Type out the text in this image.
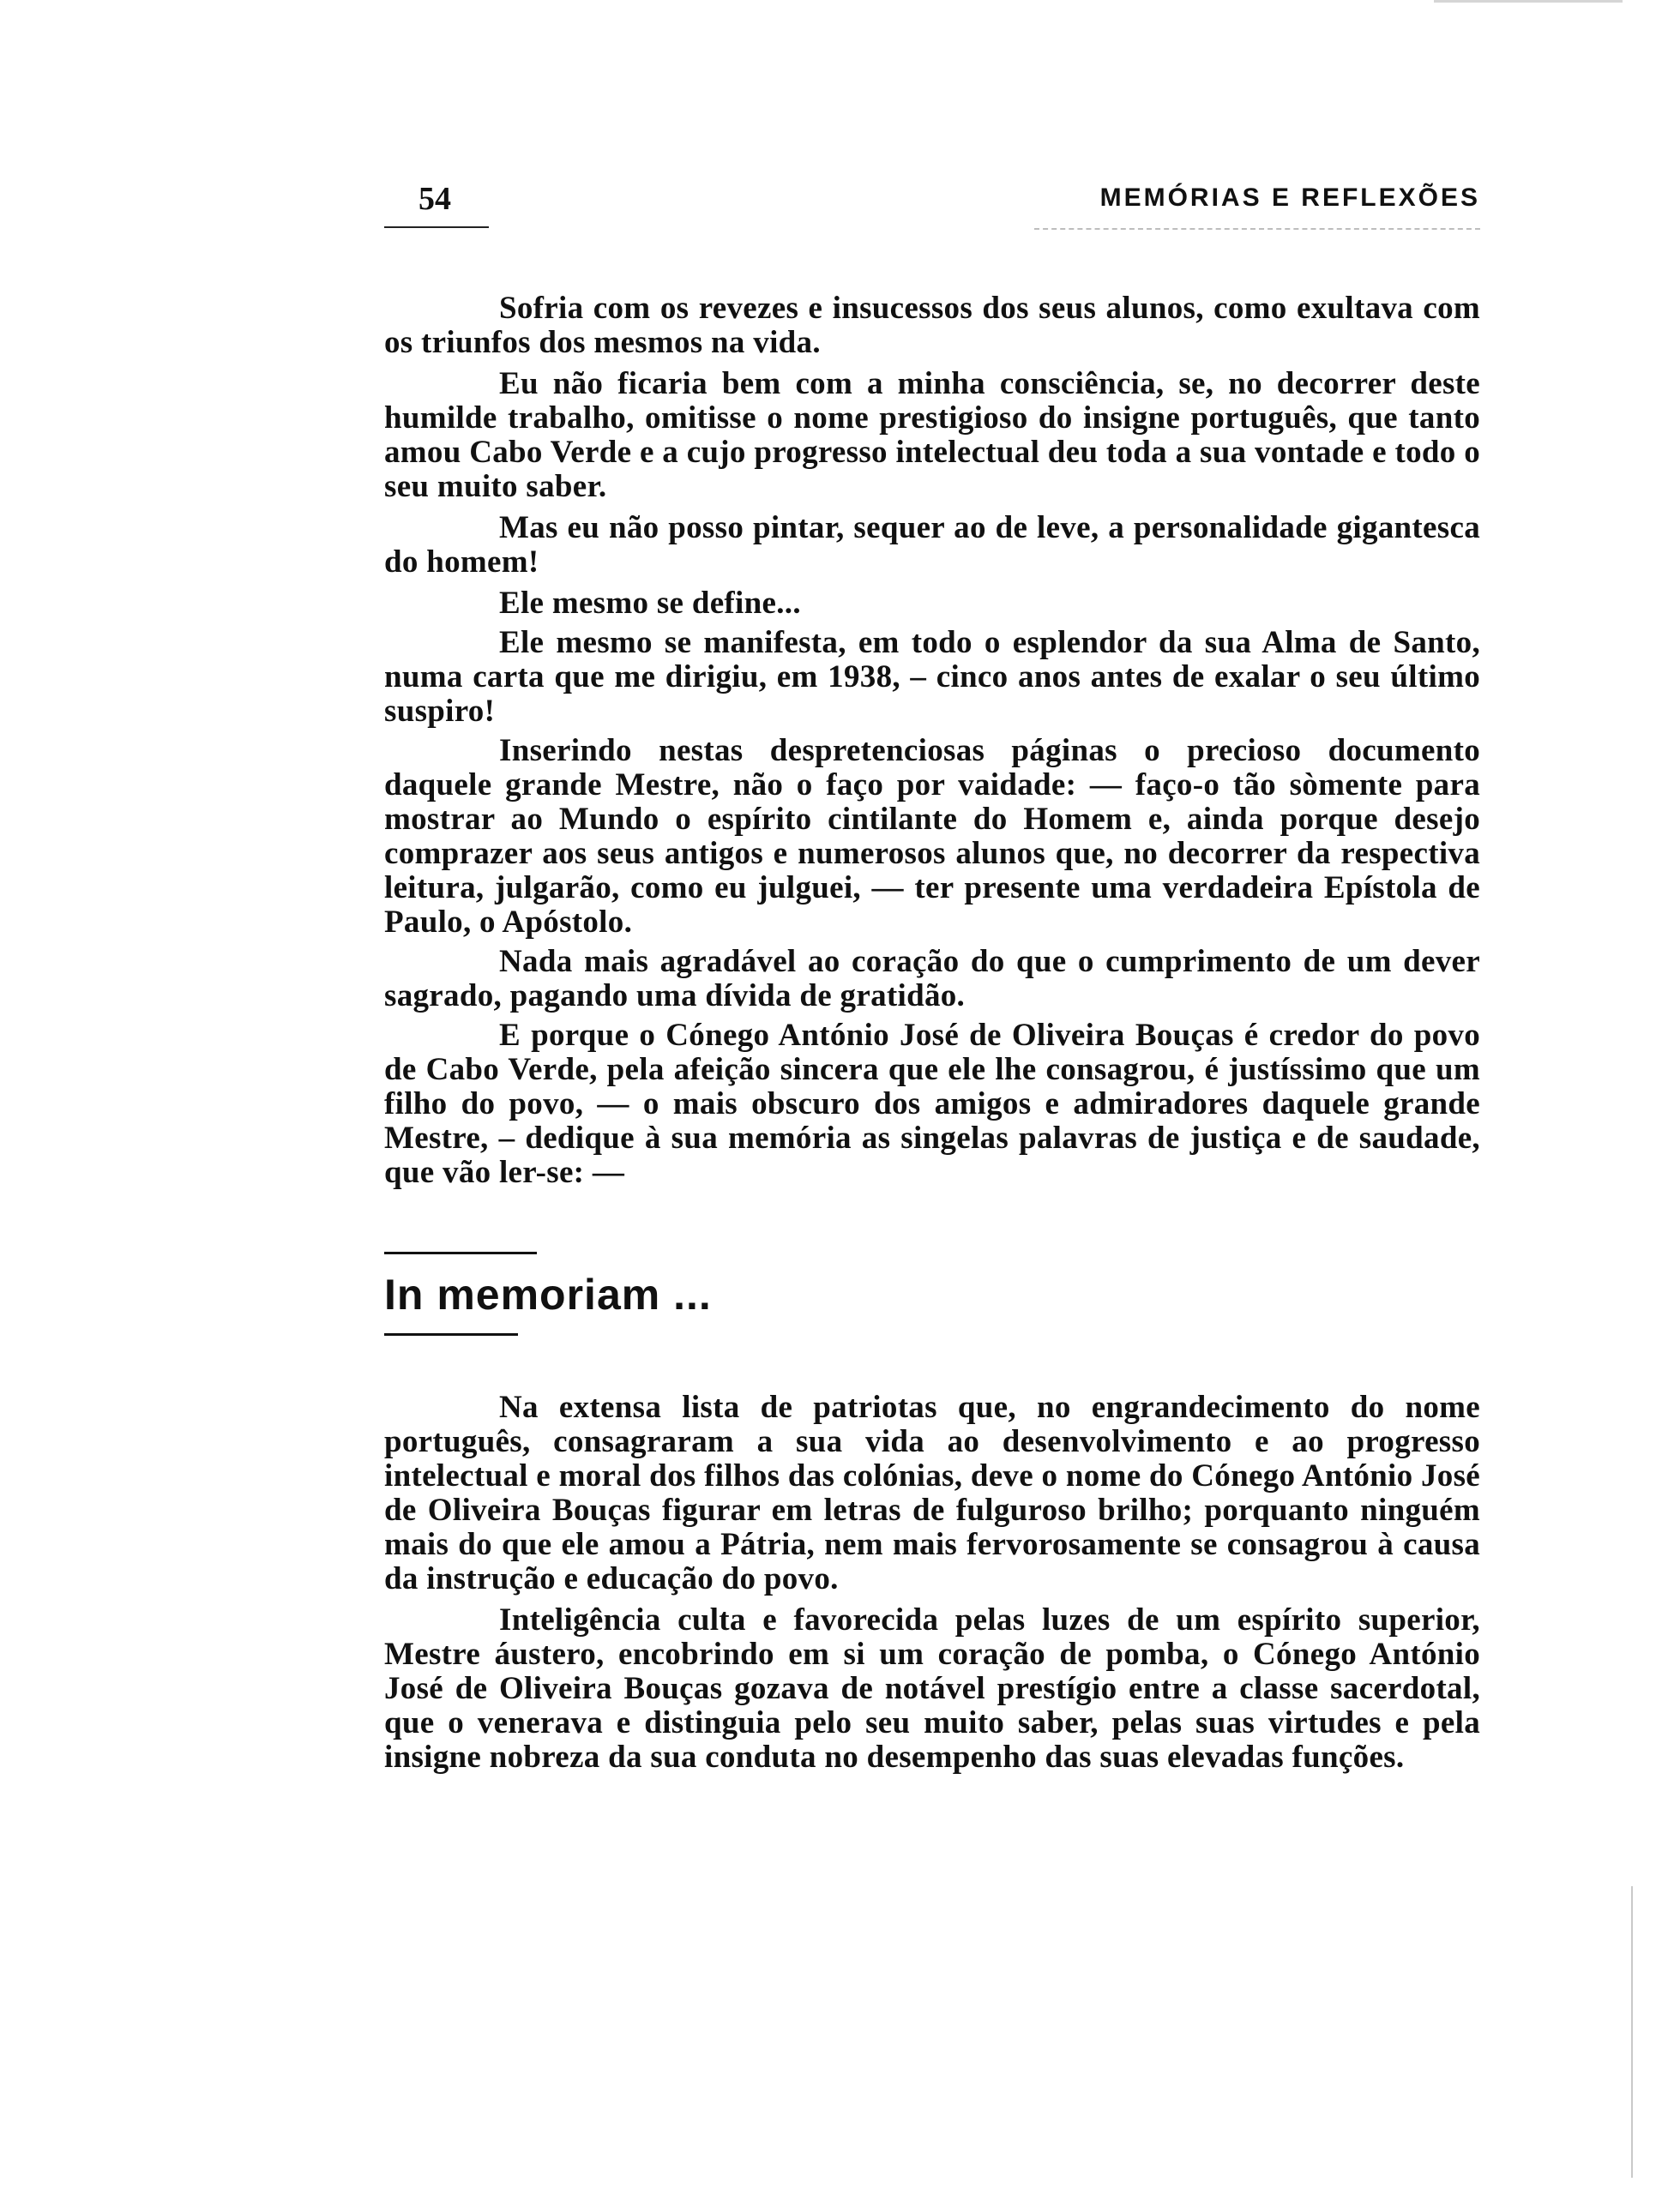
54	MEMÓRIAS E REFLEXÕES

Sofria com os revezes e insucessos dos seus alunos, como exultava com os triunfos dos mesmos na vida.

Eu não ficaria bem com a minha consciência, se, no decorrer deste humilde trabalho, omitisse o nome prestigioso do insigne português, que tanto amou Cabo Verde e a cujo progresso intelectual deu toda a sua vontade e todo o seu muito saber.

Mas eu não posso pintar, sequer ao de leve, a personalidade gigantesca do homem!

Ele mesmo se define...

Ele mesmo se manifesta, em todo o esplendor da sua Alma de Santo, numa carta que me dirigiu, em 1938, – cinco anos antes de exalar o seu último suspiro!

Inserindo nestas despretenciosas páginas o precioso documento daquele grande Mestre, não o faço por vaidade: — faço-o tão sòmente para mostrar ao Mundo o espírito cintilante do Homem e, ainda porque desejo comprazer aos seus antigos e numerosos alunos que, no decorrer da respectiva leitura, julgarão, como eu julguei, — ter presente uma verdadeira Epístola de Paulo, o Apóstolo.

Nada mais agradável ao coração do que o cumprimento de um dever sagrado, pagando uma dívida de gratidão.

E porque o Cónego António José de Oliveira Bouças é credor do povo de Cabo Verde, pela afeição sincera que ele lhe consagrou, é justíssimo que um filho do povo, — o mais obscuro dos amigos e admiradores daquele grande Mestre, – dedique à sua memória as singelas palavras de justiça e de saudade, que vão ler-se: —

In memoriam ...

Na extensa lista de patriotas que, no engrandecimento do nome português, consagraram a sua vida ao desenvolvimento e ao progresso intelectual e moral dos filhos das colónias, deve o nome do Cónego António José de Oliveira Bouças figurar em letras de fulguroso brilho; porquanto ninguém mais do que ele amou a Pátria, nem mais fervorosamente se consagrou à causa da instrução e educação do povo.

Inteligência culta e favorecida pelas luzes de um espírito superior, Mestre áustero, encobrindo em si um coração de pomba, o Cónego António José de Oliveira Bouças gozava de notável prestígio entre a classe sacerdotal, que o venerava e distinguia pelo seu muito saber, pelas suas virtudes e pela insigne nobreza da sua conduta no desempenho das suas elevadas funções.
